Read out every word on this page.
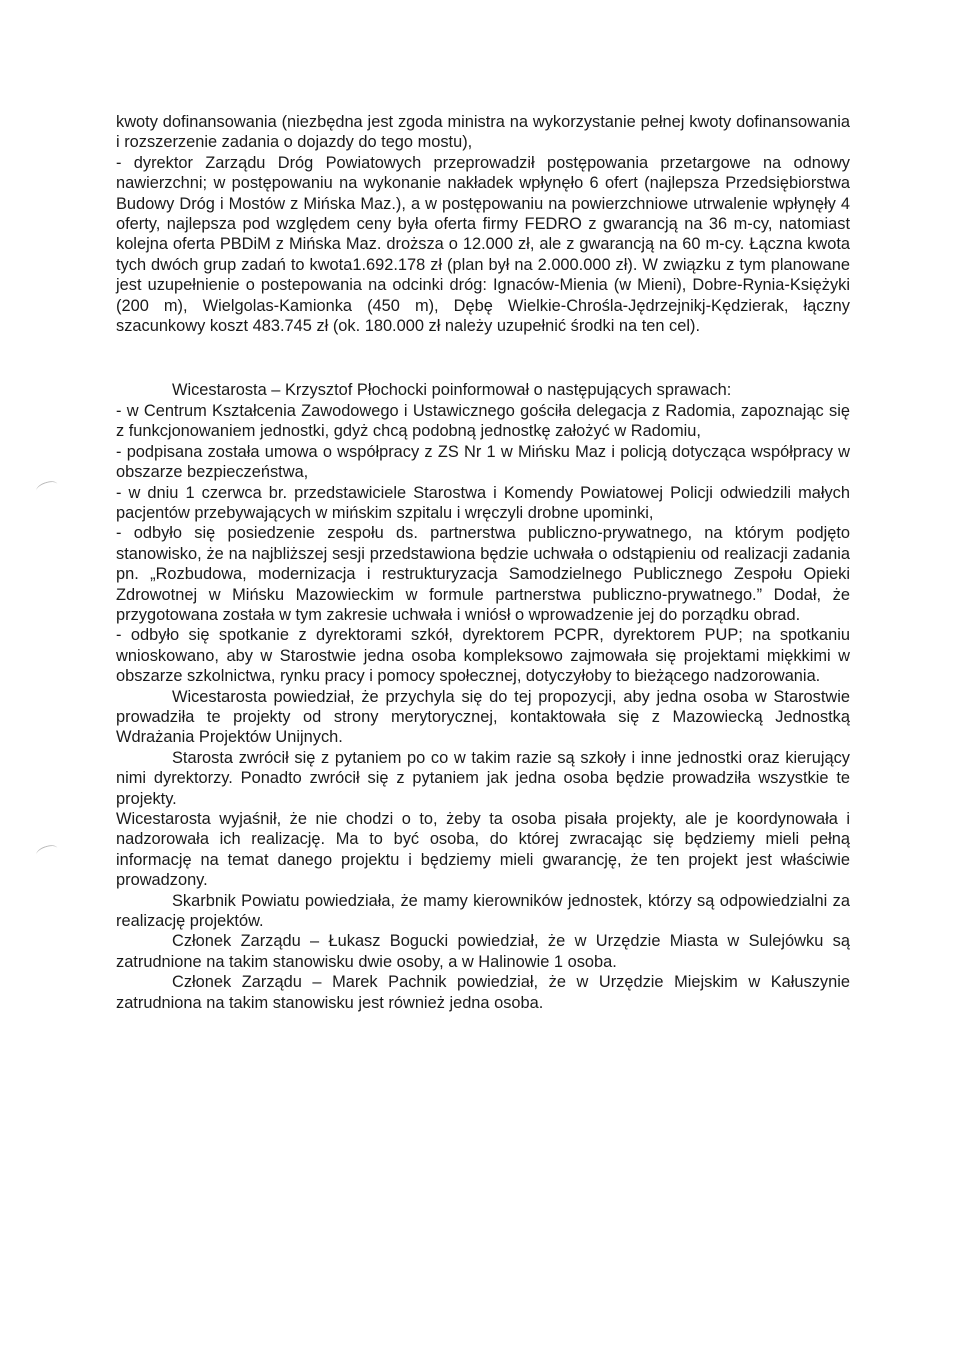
kwoty dofinansowania (niezbędna jest zgoda ministra na wykorzystanie pełnej kwoty dofinansowania i rozszerzenie zadania o dojazdy do tego mostu),

- dyrektor Zarządu Dróg Powiatowych przeprowadził postępowania przetargowe na odnowy nawierzchni; w postępowaniu na wykonanie nakładek wpłynęło 6 ofert (najlepsza Przedsiębiorstwa Budowy Dróg i Mostów z Mińska Maz.), a w postępowaniu na powierzchniowe utrwalenie wpłynęły 4 oferty, najlepsza pod względem ceny była oferta firmy FEDRO z gwarancją na 36 m-cy, natomiast kolejna oferta PBDiM z Mińska Maz. droższa o 12.000 zł, ale z gwarancją na 60 m-cy. Łączna kwota tych dwóch grup zadań to kwota1.692.178 zł (plan był na 2.000.000 zł). W związku z tym planowane jest uzupełnienie o postepowania na odcinki dróg: Ignaców-Mienia (w Mieni), Dobre-Rynia-Księżyki (200 m), Wielgolas-Kamionka (450 m), Dębę Wielkie-Chrośla-Jędrzejnikj-Kędzierak, łączny szacunkowy koszt 483.745 zł (ok. 180.000 zł należy uzupełnić środki na ten cel).

Wicestarosta – Krzysztof Płochocki poinformował o następujących sprawach:

- w Centrum Kształcenia Zawodowego i Ustawicznego gościła delegacja z Radomia, zapoznając się z funkcjonowaniem jednostki, gdyż chcą podobną jednostkę założyć w Radomiu,

- podpisana została umowa o współpracy z ZS Nr 1 w Mińsku Maz i policją dotycząca współpracy w obszarze bezpieczeństwa,

- w dniu 1 czerwca br. przedstawiciele Starostwa i Komendy Powiatowej Policji odwiedzili małych pacjentów przebywających w mińskim szpitalu i wręczyli drobne upominki,

- odbyło się posiedzenie zespołu ds. partnerstwa publiczno-prywatnego, na którym podjęto stanowisko, że na najbliższej sesji przedstawiona będzie uchwała o odstąpieniu od realizacji zadania pn. „Rozbudowa, modernizacja i restrukturyzacja Samodzielnego Publicznego Zespołu Opieki Zdrowotnej w Mińsku Mazowieckim w formule partnerstwa publiczno-prywatnego.” Dodał, że przygotowana została w tym zakresie uchwała i wniósł o wprowadzenie jej do porządku obrad.

- odbyło się spotkanie z dyrektorami szkół, dyrektorem PCPR, dyrektorem PUP; na spotkaniu wnioskowano, aby w Starostwie jedna osoba kompleksowo zajmowała się projektami miękkimi w obszarze szkolnictwa, rynku pracy i pomocy społecznej, dotyczyłoby to bieżącego nadzorowania.

Wicestarosta powiedział, że przychyla się do tej propozycji, aby jedna osoba w Starostwie prowadziła te projekty od strony merytorycznej, kontaktowała się z Mazowiecką Jednostką Wdrażania Projektów Unijnych.

Starosta zwrócił się z pytaniem po co w takim razie są szkoły i inne jednostki oraz kierujący nimi dyrektorzy. Ponadto zwrócił się z pytaniem jak jedna osoba będzie prowadziła wszystkie te projekty.

Wicestarosta wyjaśnił, że nie chodzi o to, żeby ta osoba pisała projekty, ale je koordynowała i nadzorowała ich realizację. Ma to być osoba, do której zwracając się będziemy mieli pełną informację na temat danego projektu i będziemy mieli gwarancję, że ten projekt jest właściwie prowadzony.

Skarbnik Powiatu powiedziała, że mamy kierowników jednostek, którzy są odpowiedzialni za realizację projektów.

Członek Zarządu – Łukasz Bogucki powiedział, że w Urzędzie Miasta w Sulejówku są zatrudnione na takim stanowisku dwie osoby, a w Halinowie 1 osoba.

Członek Zarządu – Marek Pachnik powiedział, że w Urzędzie Miejskim w Kałuszynie zatrudniona na takim stanowisku jest również jedna osoba.
